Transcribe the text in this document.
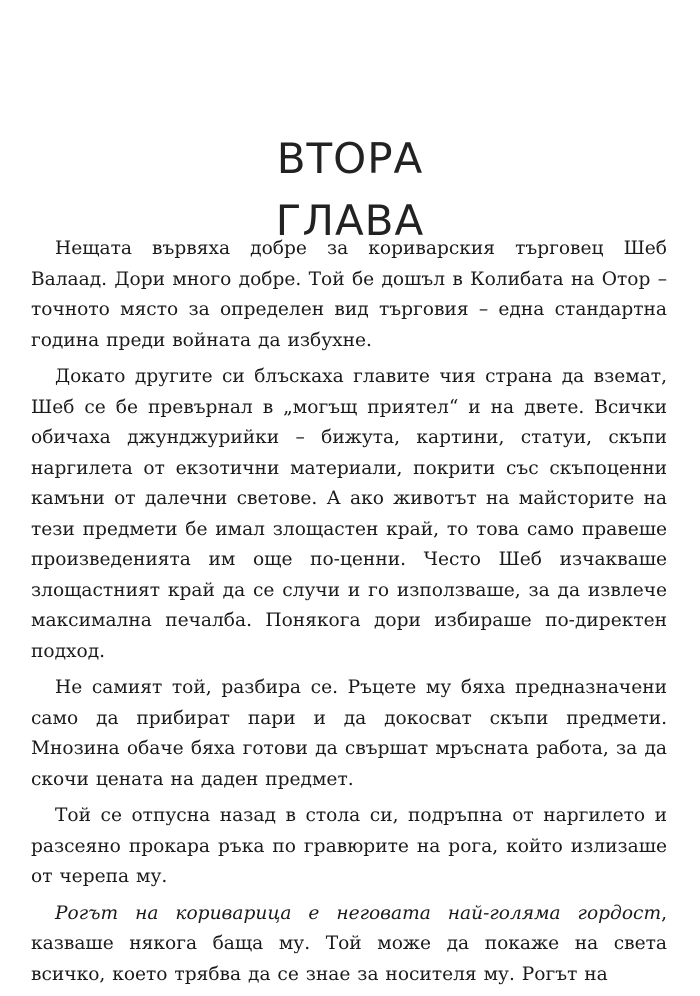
ВТОРА
ГЛАВА

Нещата вървяха добре за кориварския търговец Шеб Валаад. Дори много добре. Той бе дошъл в Колибата на Отор – точното място за определен вид търговия – една стандартна година преди войната да избухне.

Докато другите си блъскаха главите чия страна да вземат, Шеб се бе превърнал в „могъщ приятел“ и на двете. Всички обичаха джунджурийки – бижута, картини, статуи, скъпи наргилета от екзотични материали, покрити със скъпоценни камъни от далечни светове. А ако животът на майсторите на тези предмети бе имал злощастен край, то това само правеше произведенията им още по-ценни. Често Шеб изчакваше злощастният край да се случи и го използваше, за да извлече максимална печалба. Понякога дори избираше по-директен подход.

Не самият той, разбира се. Ръцете му бяха предназначени само да прибират пари и да докосват скъпи предмети. Мнозина обаче бяха готови да свършат мръсната работа, за да скочи цената на даден предмет.

Той се отпусна назад в стола си, подръпна от наргилето и разсеяно прокара ръка по гравюрите на рога, който излизаше от черепа му.

Рогът на кориварица е неговата най-голяма гордост, казваше някога баща му. Той може да покаже на света всичко, което трябва да се знае за носителя му. Рогът на
